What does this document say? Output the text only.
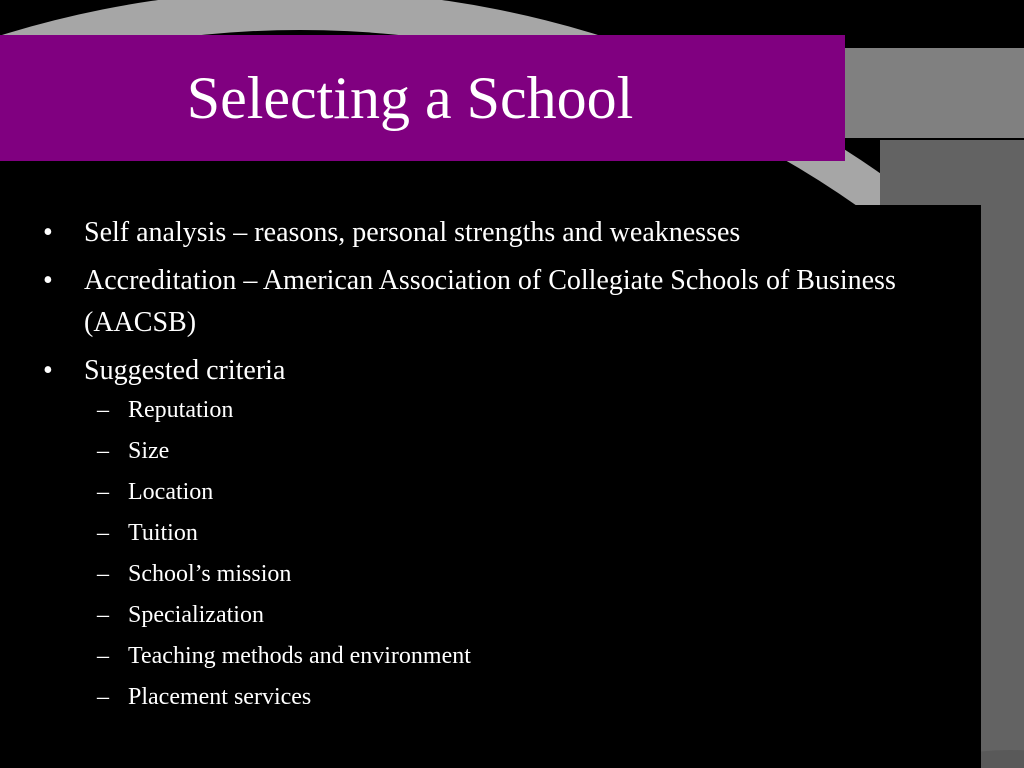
Selecting a School
• Self analysis – reasons, personal strengths and weaknesses
• Accreditation – American Association of Collegiate Schools of Business (AACSB)
• Suggested criteria
– Reputation
– Size
– Location
– Tuition
– School’s mission
– Specialization
– Teaching methods and environment
– Placement services
